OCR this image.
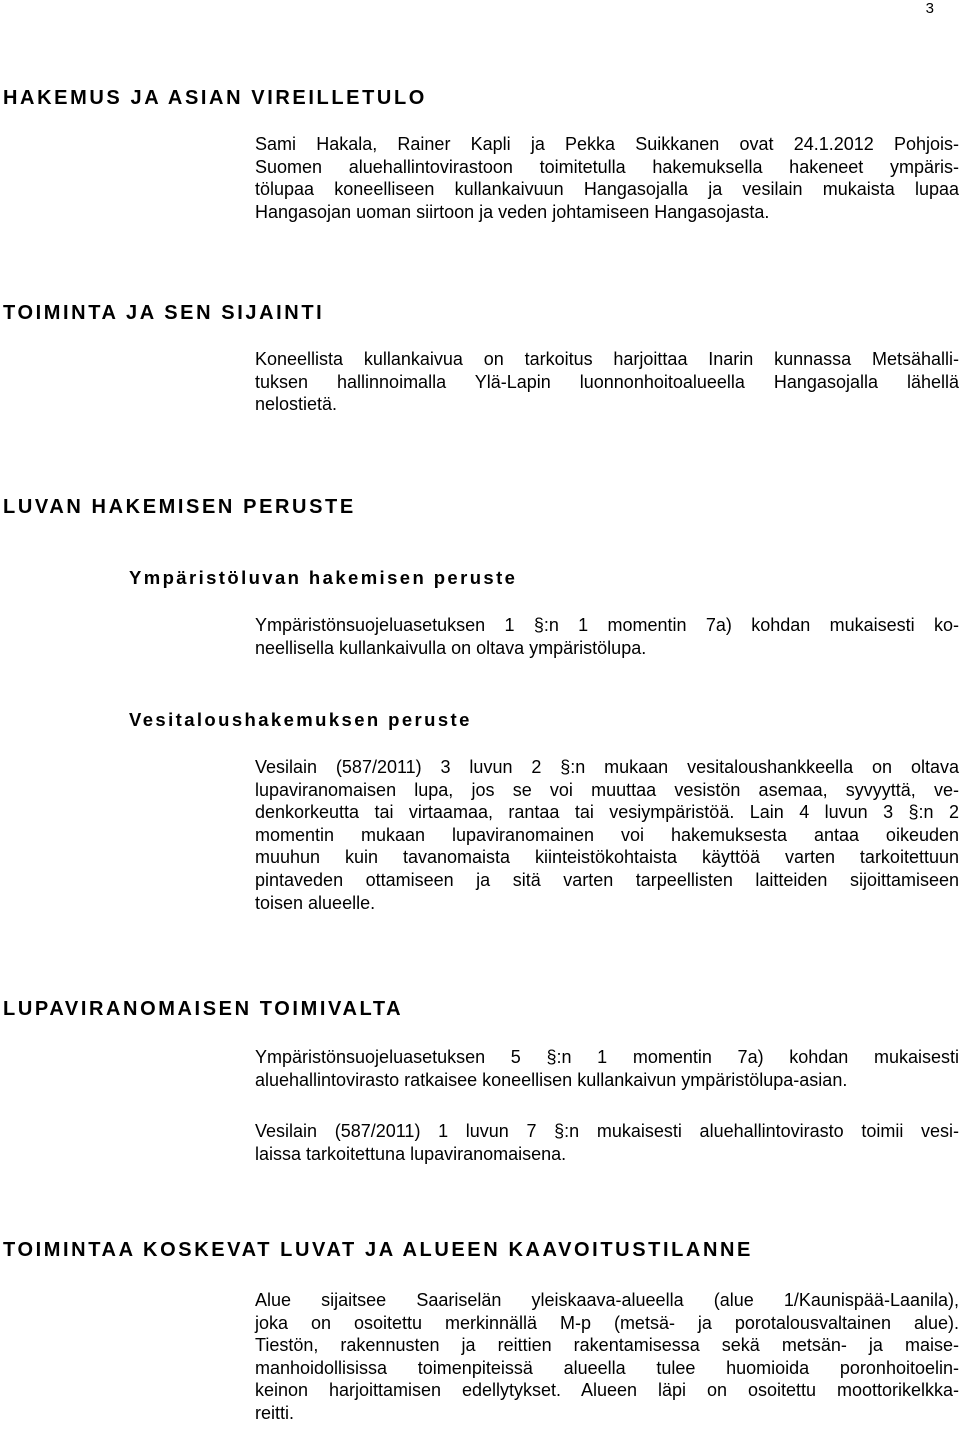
3
HAKEMUS JA ASIAN VIREILLETULO
Sami Hakala, Rainer Kapli ja Pekka Suikkanen ovat 24.1.2012 Pohjois-
Suomen aluehallintovirastoon toimitetulla hakemuksella hakeneet ympäris-
tölupaa koneelliseen kullankaivuun Hangasojalla ja vesilain mukaista lupaa
Hangasojan uoman siirtoon ja veden johtamiseen Hangasojasta.
TOIMINTA JA SEN SIJAINTI
Koneellista kullankaivua on tarkoitus harjoittaa Inarin kunnassa Metsähalli-
tuksen hallinnoimalla Ylä-Lapin luonnonhoitoalueella Hangasojalla lähellä
nelostietä.
LUVAN HAKEMISEN PERUSTE
Ympäristöluvan hakemisen peruste
Ympäristönsuojeluasetuksen 1 §:n 1 momentin 7a) kohdan mukaisesti ko-
neellisella kullankaivulla on oltava ympäristölupa.
Vesitaloushakemuksen peruste
Vesilain (587/2011) 3 luvun 2 §:n mukaan vesitaloushankkeella on oltava
lupaviranomaisen lupa, jos se voi muuttaa vesistön asemaa, syvyyttä, ve-
denkorkeutta tai virtaamaa, rantaa tai vesiympäristöä. Lain 4 luvun 3 §:n 2
momentin mukaan lupaviranomainen voi hakemuksesta antaa oikeuden
muuhun kuin tavanomaista kiinteistökohtaista käyttöä varten tarkoitettuun
pintaveden ottamiseen ja sitä varten tarpeellisten laitteiden sijoittamiseen
toisen alueelle.
LUPAVIRANOMAISEN TOIMIVALTA
Ympäristönsuojeluasetuksen 5 §:n 1 momentin 7a) kohdan mukaisesti
aluehallintovirasto ratkaisee koneellisen kullankaivun ympäristölupa-asian.
Vesilain (587/2011) 1 luvun 7 §:n mukaisesti aluehallintovirasto toimii vesi-
laissa tarkoitettuna lupaviranomaisena.
TOIMINTAA KOSKEVAT LUVAT JA ALUEEN KAAVOITUSTILANNE
Alue sijaitsee Saariselän yleiskaava-alueella (alue 1/Kaunispää-Laanila),
joka on osoitettu merkinnällä M-p (metsä- ja porotalousvaltainen alue).
Tiestön, rakennusten ja reittien rakentamisessa sekä metsän- ja maise-
manhoidollisissa toimenpiteissä alueella tulee huomioida poronhoitoelin-
keinon harjoittamisen edellytykset. Alueen läpi on osoitettu moottorikelkka-
reitti.
